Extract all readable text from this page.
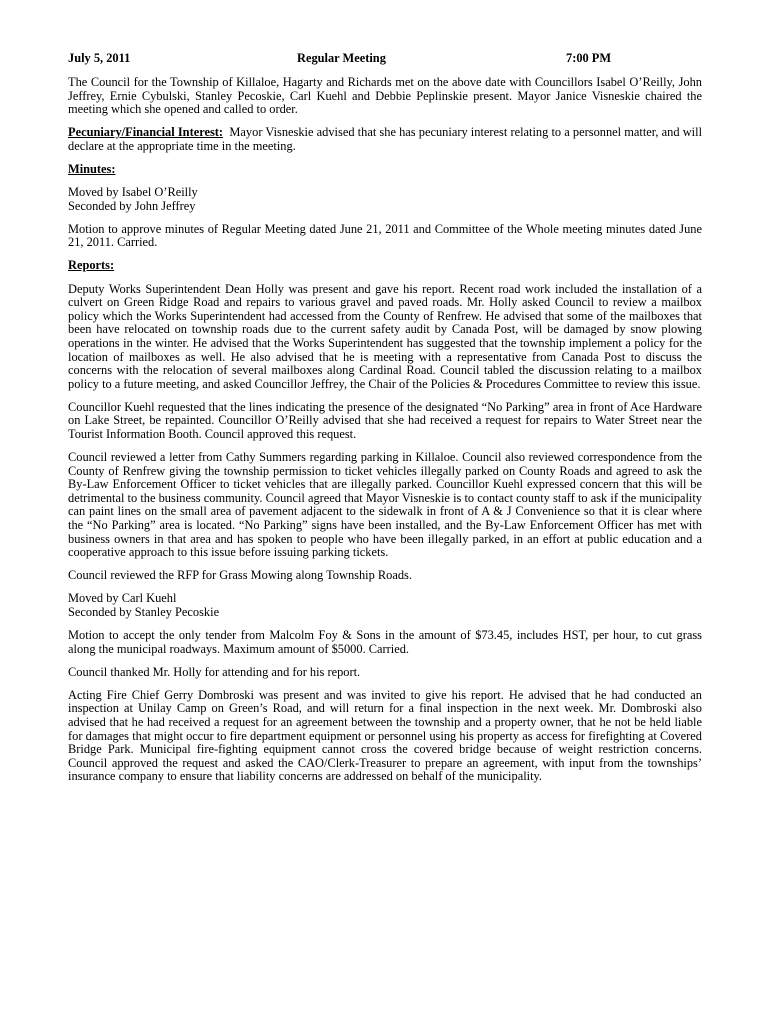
July 5, 2011	Regular Meeting	7:00 PM

The Council for the Township of Killaloe, Hagarty and Richards met on the above date with Councillors Isabel O’Reilly, John Jeffrey, Ernie Cybulski, Stanley Pecoskie, Carl Kuehl and Debbie Peplinskie present. Mayor Janice Visneskie chaired the meeting which she opened and called to order.

Pecuniary/Financial Interest: Mayor Visneskie advised that she has pecuniary interest relating to a personnel matter, and will declare at the appropriate time in the meeting.

Minutes:

Moved by Isabel O’Reilly

Seconded by John Jeffrey

Motion to approve minutes of Regular Meeting dated June 21, 2011 and Committee of the Whole meeting minutes dated June 21, 2011. Carried.

Reports:

Deputy Works Superintendent Dean Holly was present and gave his report. Recent road work included the installation of a culvert on Green Ridge Road and repairs to various gravel and paved roads. Mr. Holly asked Council to review a mailbox policy which the Works Superintendent had accessed from the County of Renfrew. He advised that some of the mailboxes that been have relocated on township roads due to the current safety audit by Canada Post, will be damaged by snow plowing operations in the winter. He advised that the Works Superintendent has suggested that the township implement a policy for the location of mailboxes as well. He also advised that he is meeting with a representative from Canada Post to discuss the concerns with the relocation of several mailboxes along Cardinal Road. Council tabled the discussion relating to a mailbox policy to a future meeting, and asked Councillor Jeffrey, the Chair of the Policies & Procedures Committee to review this issue.

Councillor Kuehl requested that the lines indicating the presence of the designated “No Parking” area in front of Ace Hardware on Lake Street, be repainted. Councillor O’Reilly advised that she had received a request for repairs to Water Street near the Tourist Information Booth. Council approved this request.

Council reviewed a letter from Cathy Summers regarding parking in Killaloe. Council also reviewed correspondence from the County of Renfrew giving the township permission to ticket vehicles illegally parked on County Roads and agreed to ask the By-Law Enforcement Officer to ticket vehicles that are illegally parked. Councillor Kuehl expressed concern that this will be detrimental to the business community. Council agreed that Mayor Visneskie is to contact county staff to ask if the municipality can paint lines on the small area of pavement adjacent to the sidewalk in front of A & J Convenience so that it is clear where the “No Parking” area is located. “No Parking” signs have been installed, and the By-Law Enforcement Officer has met with business owners in that area and has spoken to people who have been illegally parked, in an effort at public education and a cooperative approach to this issue before issuing parking tickets.

Council reviewed the RFP for Grass Mowing along Township Roads.

Moved by Carl Kuehl

Seconded by Stanley Pecoskie

Motion to accept the only tender from Malcolm Foy & Sons in the amount of $73.45, includes HST, per hour, to cut grass along the municipal roadways. Maximum amount of $5000. Carried.

Council thanked Mr. Holly for attending and for his report.

Acting Fire Chief Gerry Dombroski was present and was invited to give his report. He advised that he had conducted an inspection at Unilay Camp on Green’s Road, and will return for a final inspection in the next week. Mr. Dombroski also advised that he had received a request for an agreement between the township and a property owner, that he not be held liable for damages that might occur to fire department equipment or personnel using his property as access for firefighting at Covered Bridge Park. Municipal fire-fighting equipment cannot cross the covered bridge because of weight restriction concerns. Council approved the request and asked the CAO/Clerk-Treasurer to prepare an agreement, with input from the townships’ insurance company to ensure that liability concerns are addressed on behalf of the municipality.
